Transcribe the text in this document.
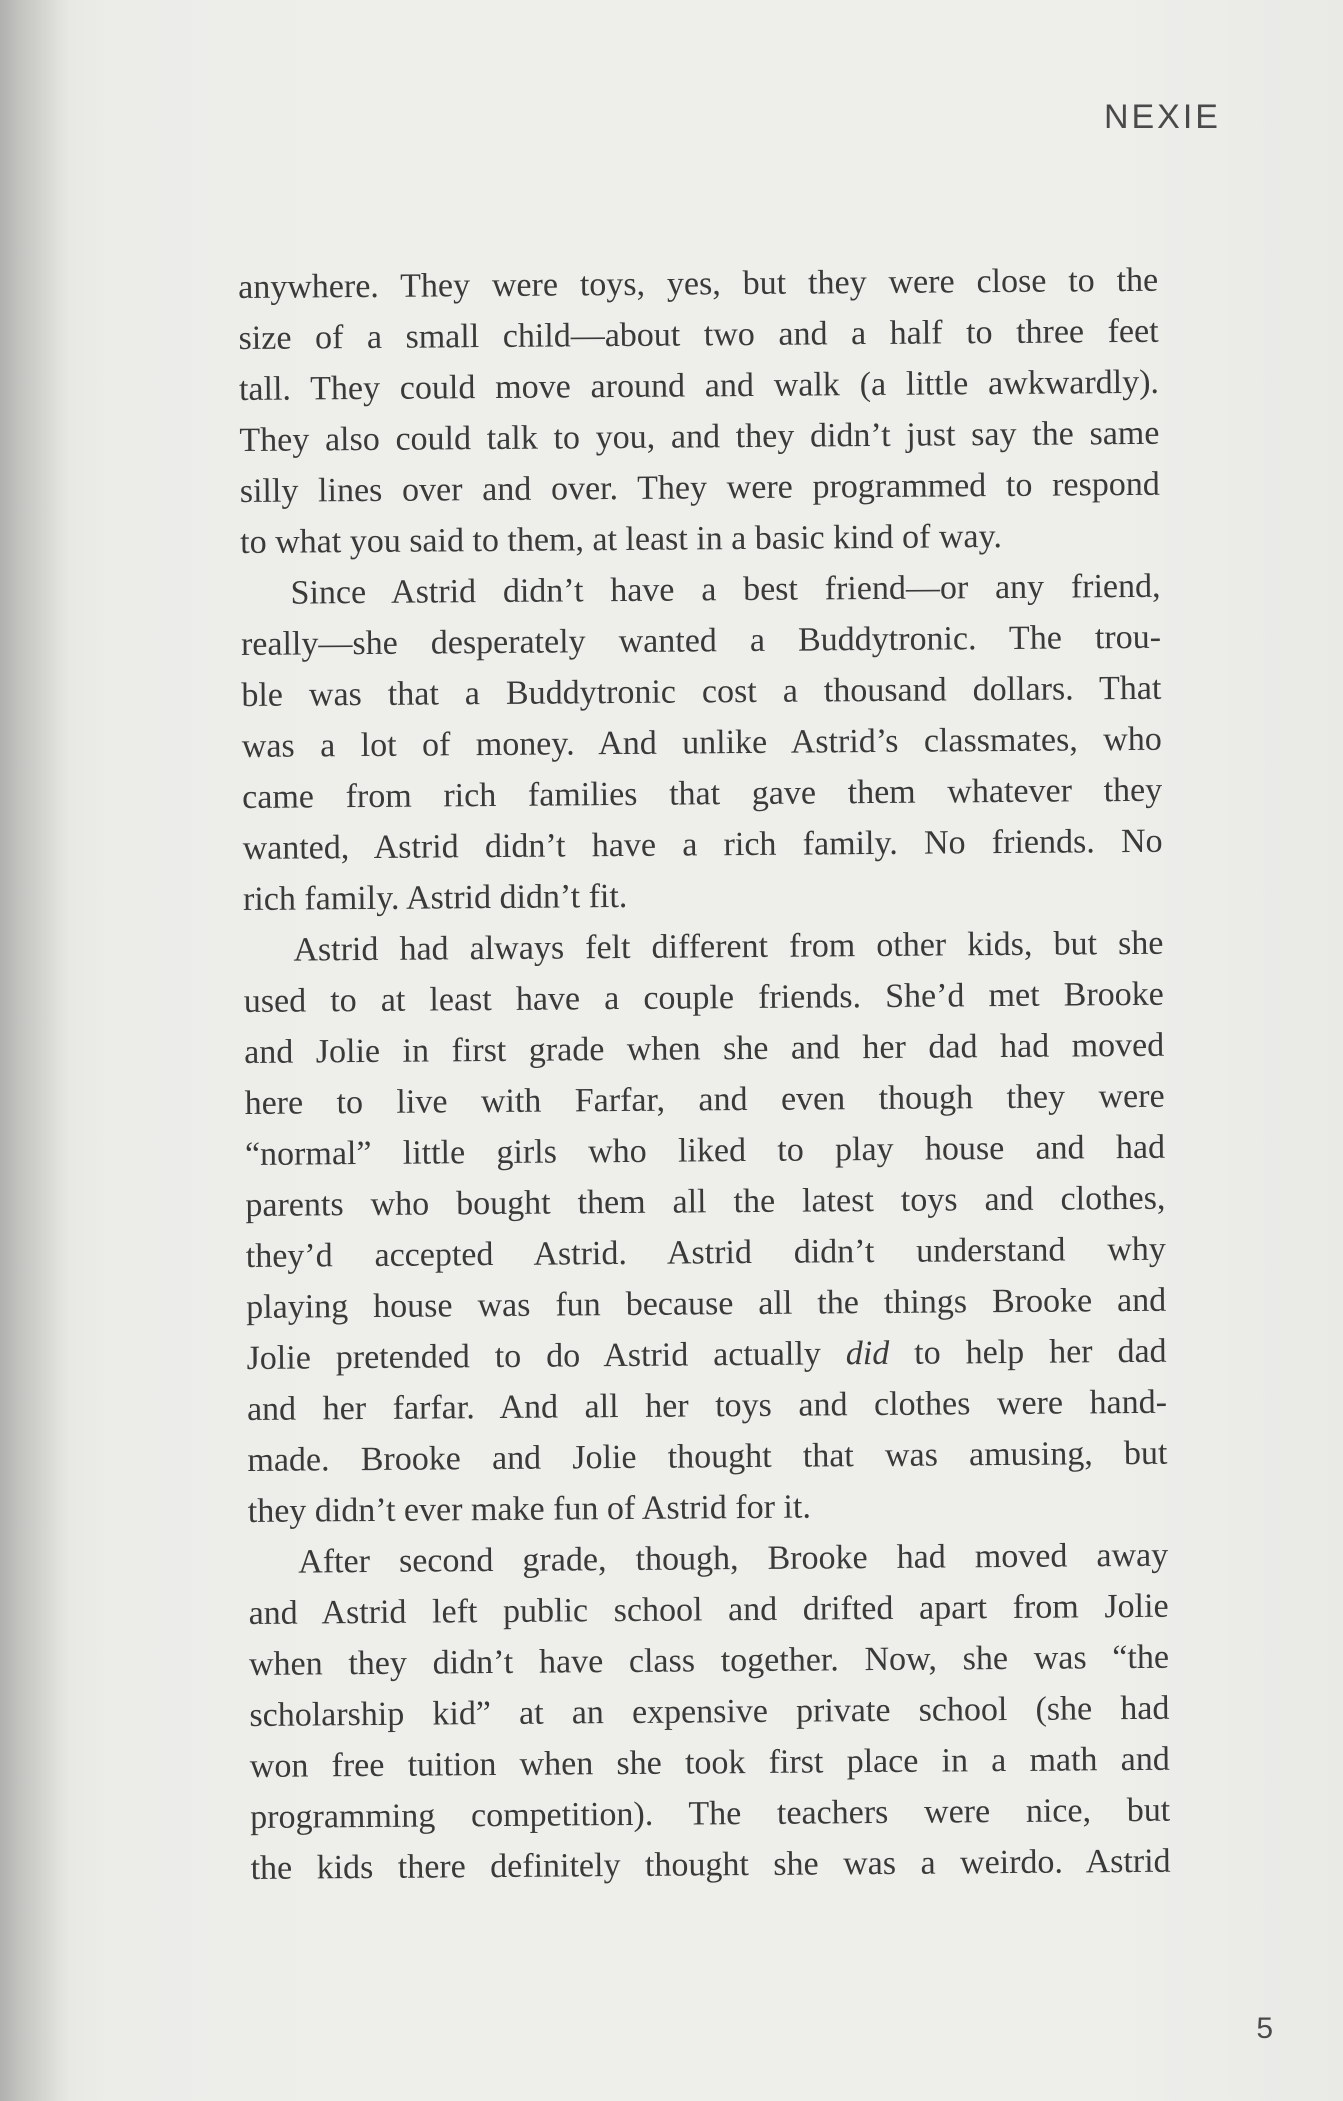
NEXIE
anywhere. They were toys, yes, but they were close to the
size of a small child—about two and a half to three feet
tall. They could move around and walk (a little awkwardly).
They also could talk to you, and they didn’t just say the same
silly lines over and over. They were programmed to respond
to what you said to them, at least in a basic kind of way.
Since Astrid didn’t have a best friend—or any friend,
really—she desperately wanted a Buddytronic. The trou-
ble was that a Buddytronic cost a thousand dollars. That
was a lot of money. And unlike Astrid’s classmates, who
came from rich families that gave them whatever they
wanted, Astrid didn’t have a rich family. No friends. No
rich family. Astrid didn’t fit.
Astrid had always felt different from other kids, but she
used to at least have a couple friends. She’d met Brooke
and Jolie in first grade when she and her dad had moved
here to live with Farfar, and even though they were
“normal” little girls who liked to play house and had
parents who bought them all the latest toys and clothes,
they’d accepted Astrid. Astrid didn’t understand why
playing house was fun because all the things Brooke and
Jolie pretended to do Astrid actually did to help her dad
and her farfar. And all her toys and clothes were hand-
made. Brooke and Jolie thought that was amusing, but
they didn’t ever make fun of Astrid for it.
After second grade, though, Brooke had moved away
and Astrid left public school and drifted apart from Jolie
when they didn’t have class together. Now, she was “the
scholarship kid” at an expensive private school (she had
won free tuition when she took first place in a math and
programming competition). The teachers were nice, but
the kids there definitely thought she was a weirdo. Astrid
5
